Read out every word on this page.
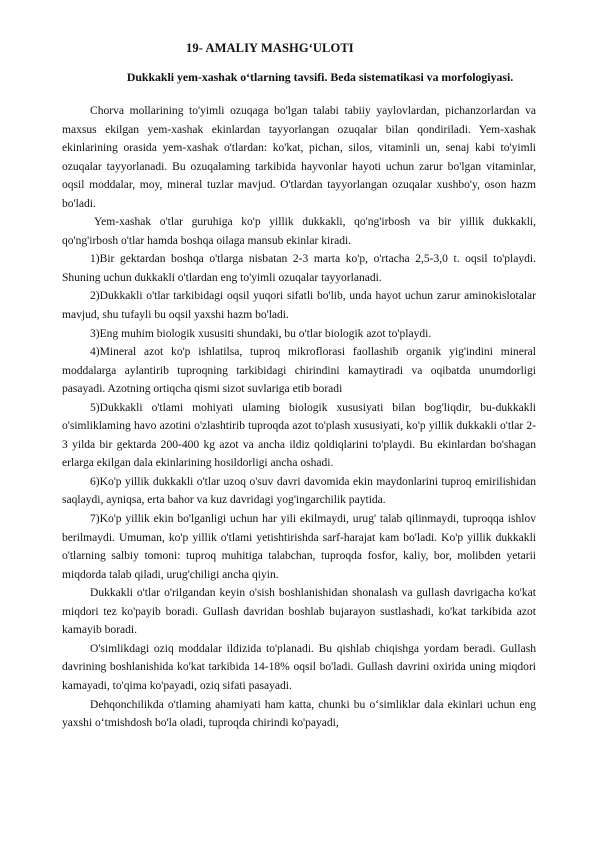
19- AMALIY MASHG‘ULOTI
Dukkakli yem-xashak o‘tlarning tavsifi. Beda sistematikasi va morfologiyasi.

Chorva mollarining to'yimli ozuqaga bo'lgan talabi tabiiy yaylovlardan, pichanzorlardan va maxsus ekilgan yem-xashak ekinlardan tayyorlangan ozuqalar bilan qondiriladi. Yem-xashak ekinlarining orasida yem-xashak o'tlardan: ko'kat, pichan, silos, vitaminli un, senaj kabi to'yimli ozuqalar tayyorlanadi. Bu ozuqalaming tarkibida hayvonlar hayoti uchun zarur bo'lgan vitaminlar, oqsil moddalar, moy, mineral tuzlar mavjud. O'tlardan tayyorlangan ozuqalar xushbo'y, oson hazm bo'ladi.

Yem-xashak o'tlar guruhiga ko'p yillik dukkakli, qo'ng'irbosh va bir yillik dukkakli, qo'ng'irbosh o'tlar hamda boshqa oilaga mansub ekinlar kiradi.

1)Bir gektardan boshqa o'tlarga nisbatan 2-3 marta ko'p, o'rtacha 2,5-3,0 t. oqsil to'playdi. Shuning uchun dukkakli o'tlardan eng to'yimli ozuqalar tayyorlanadi.

2)Dukkakli o'tlar tarkibidagi oqsil yuqori sifatli bo'lib, unda hayot uchun zarur aminokislotalar mavjud, shu tufayli bu oqsil yaxshi hazm bo'ladi.

3)Eng muhim biologik xususiti shundaki, bu o'tlar biologik azot to'playdi.

4)Mineral azot ko'p ishlatilsa, tuproq mikroflorasi faollashib organik yig'indini mineral moddalarga aylantirib tuproqning tarkibidagi chirindini kamaytiradi va oqibatda unumdorligi pasayadi. Azotning ortiqcha qismi sizot suvlariga etib boradi

5)Dukkakli o'tlami mohiyati ulaming biologik xususiyati bilan bog'liqdir, bu-dukkakli o'simliklaming havo azotini o'zlashtirib tuproqda azot to'plash xususiyati, ko'p yillik dukkakli o'tlar 2-3 yilda bir gektarda 200-400 kg azot va ancha ildiz qoldiqlarini to'playdi. Bu ekinlardan bo'shagan erlarga ekilgan dala ekinlarining hosildorligi ancha oshadi.

6)Ko'p yillik dukkakli o'tlar uzoq o'suv davri davomida ekin maydonlarini tuproq emirilishidan saqlaydi, ayniqsa, erta bahor va kuz davridagi yog'ingarchilik paytida.

7)Ko'p yillik ekin bo'lganligi uchun har yili ekilmaydi, urug' talab qilinmaydi, tuproqqa ishlov berilmaydi. Umuman, ko'p yillik o'tlami yetishtirishda sarf-harajat kam bo'ladi. Ko'p yillik dukkakli o'tlarning salbiy tomoni: tuproq muhitiga talabchan, tuproqda fosfor, kaliy, bor, molibden yetarii miqdorda talab qiladi, urug'chiligi ancha qiyin.

Dukkakli o'tlar o'rilgandan keyin o'sish boshlanishidan shonalash va gullash davrigacha ko'kat miqdori tez ko'payib boradi. Gullash davridan boshlab bujarayon sustlashadi, ko'kat tarkibida azot kamayib boradi.

O'simlikdagi oziq moddalar ildizida to'planadi. Bu qishlab chiqishga yordam beradi. Gullash davrining boshlanishida ko'kat tarkibida 14-18% oqsil bo'ladi. Gullash davrini oxirida uning miqdori kamayadi, to'qima ko'payadi, oziq sifati pasayadi.

Dehqonchilikda o'tlaming ahamiyati ham katta, chunki bu o‘simliklar dala ekinlari uchun eng yaxshi o‘tmishdosh bo'la oladi, tuproqda chirindi ko'payadi,
